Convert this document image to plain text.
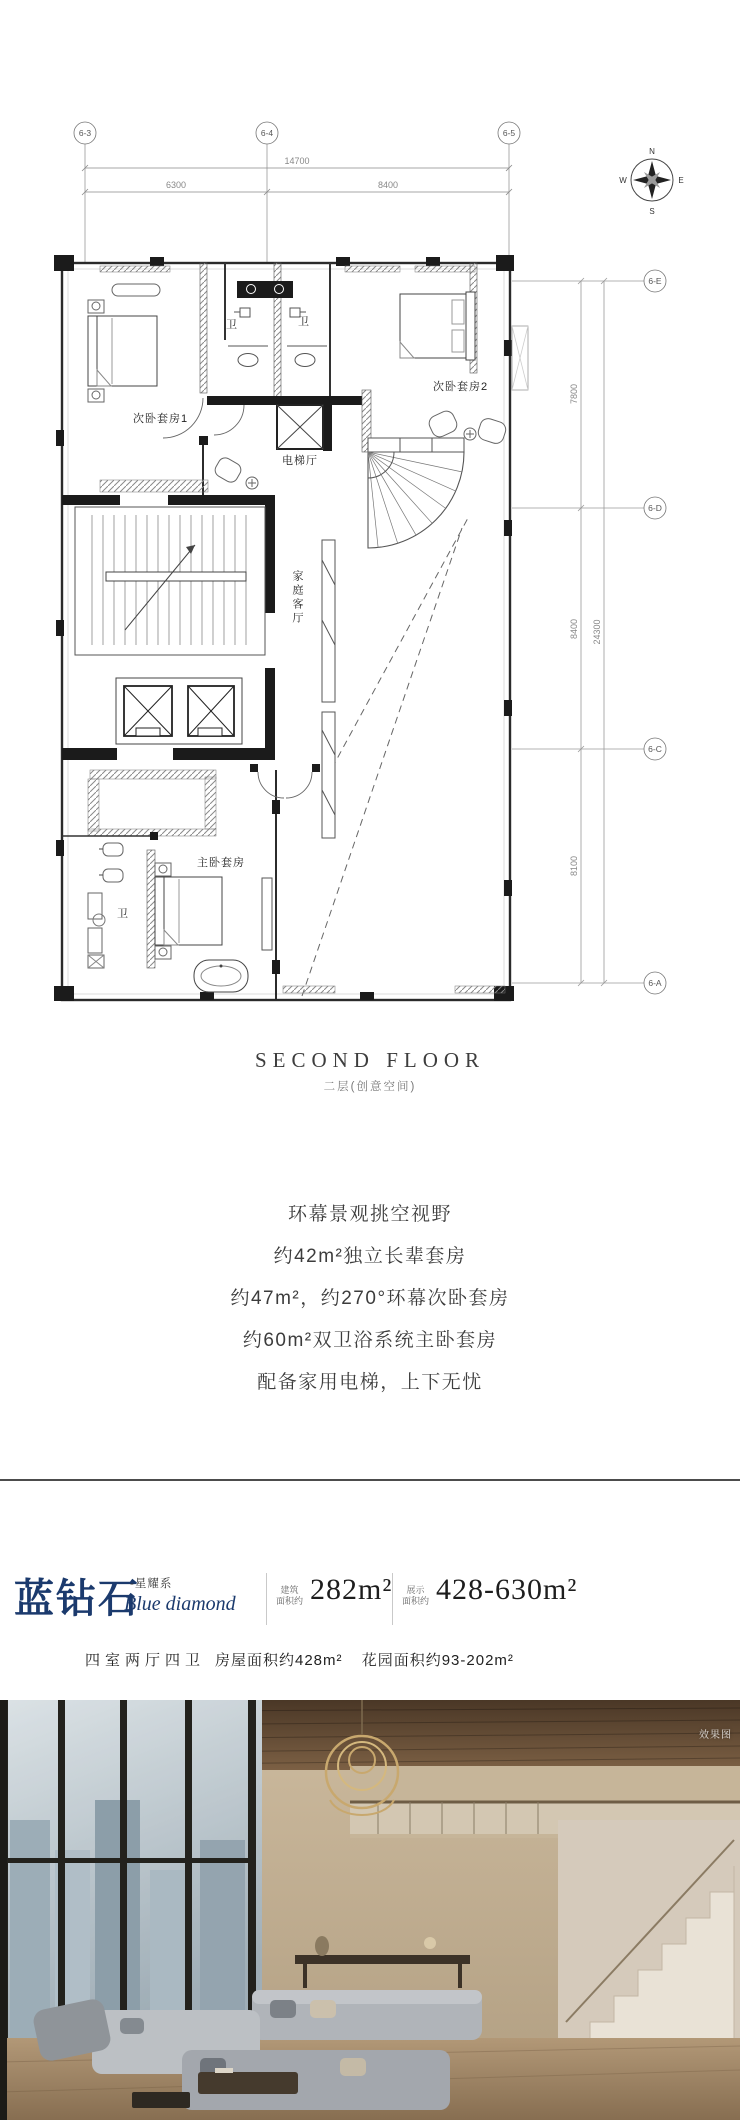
6-3	6-4	6-5
14700
6300	8400
6-E
6-D
6-C
6-A
7800
8400
8100
24300
N
S
W	E
次卧套房1
卫	卫
次卧套房2
电梯厅
家庭客厅
主卧套房
卫
SECOND FLOOR
二层(创意空间)

环幕景观挑空视野

约42m²独立长辈套房

约47m²，约270°环幕次卧套房

约60m²双卫浴系统主卧套房

配备家用电梯，上下无忧

蓝钻石
-星耀系
Blue diamond
建筑
面积约 282m²	展示
面积约 428-630m²
四室两厅四卫 房屋面积约428m² 花园面积约93-202m²
效果图
